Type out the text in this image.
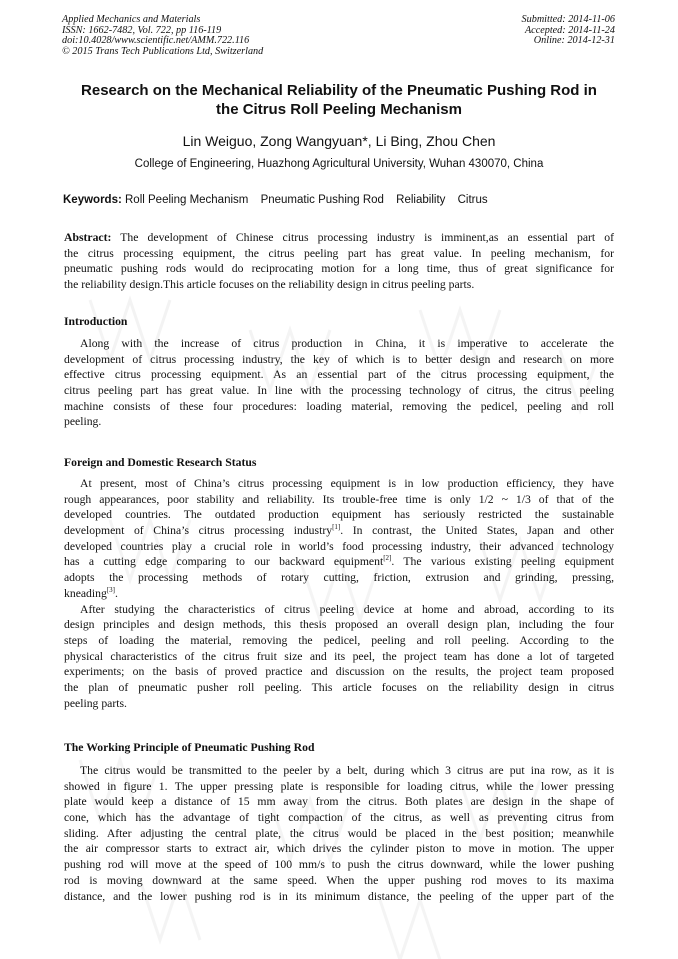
Applied Mechanics and Materials
ISSN: 1662-7482, Vol. 722, pp 116-119
doi:10.4028/www.scientific.net/AMM.722.116
© 2015 Trans Tech Publications Ltd, Switzerland
Submitted: 2014-11-06
Accepted: 2014-11-24
Online: 2014-12-31
Research on the Mechanical Reliability of the Pneumatic Pushing Rod in
the Citrus Roll Peeling Mechanism
Lin Weiguo, Zong Wangyuan*, Li Bing, Zhou Chen
College of Engineering, Huazhong Agricultural University, Wuhan 430070, China
Keywords: Roll Peeling Mechanism Pneumatic Pushing Rod Reliability Citrus
Abstract: The development of Chinese citrus processing industry is imminent,as an essential part of
the citrus processing equipment, the citrus peeling part has great value. In peeling mechanism, for
pneumatic pushing rods would do reciprocating motion for a long time, thus of great significance for
the reliability design.This article focuses on the reliability design in citrus peeling parts.
Introduction
Along with the increase of citrus production in China, it is imperative to accelerate the
development of citrus processing industry, the key of which is to better design and research on more
effective citrus processing equipment. As an essential part of the citrus processing equipment, the
citrus peeling part has great value. In line with the processing technology of citrus, the citrus peeling
machine consists of these four procedures: loading material, removing the pedicel, peeling and roll
peeling.
Foreign and Domestic Research Status
At present, most of China’s citrus processing equipment is in low production efficiency, they have
rough appearances, poor stability and reliability. Its trouble-free time is only 1/2 ~ 1/3 of that of the
developed countries. The outdated production equipment has seriously restricted the sustainable
development of China’s citrus processing industry[1]. In contrast, the United States, Japan and other
developed countries play a crucial role in world’s food processing industry, their advanced technology
has a cutting edge comparing to our backward equipment[2]. The various existing peeling equipment
adopts the processing methods of rotary cutting, friction, extrusion and grinding, pressing,
kneading[3].
After studying the characteristics of citrus peeling device at home and abroad, according to its
design principles and design methods, this thesis proposed an overall design plan, including the four
steps of loading the material, removing the pedicel, peeling and roll peeling. According to the
physical characteristics of the citrus fruit size and its peel, the project team has done a lot of targeted
experiments; on the basis of proved practice and discussion on the results, the project team proposed
the plan of pneumatic pusher roll peeling. This article focuses on the reliability design in citrus
peeling parts.
The Working Principle of Pneumatic Pushing Rod
The citrus would be transmitted to the peeler by a belt, during which 3 citrus are put ina row, as it is
showed in figure 1. The upper pressing plate is responsible for loading citrus, while the lower pressing
plate would keep a distance of 15 mm away from the citrus. Both plates are design in the shape of
cone, which has the advantage of tight compaction of the citrus, as well as preventing citrus from
sliding. After adjusting the central plate, the citrus would be placed in the best position; meanwhile
the air compressor starts to extract air, which drives the cylinder piston to move in motion. The upper
pushing rod will move at the speed of 100 mm/s to push the citrus downward, while the lower pushing
rod is moving downward at the same speed. When the upper pushing rod moves to its maxima
distance, and the lower pushing rod is in its minimum distance, the peeling of the upper part of the
